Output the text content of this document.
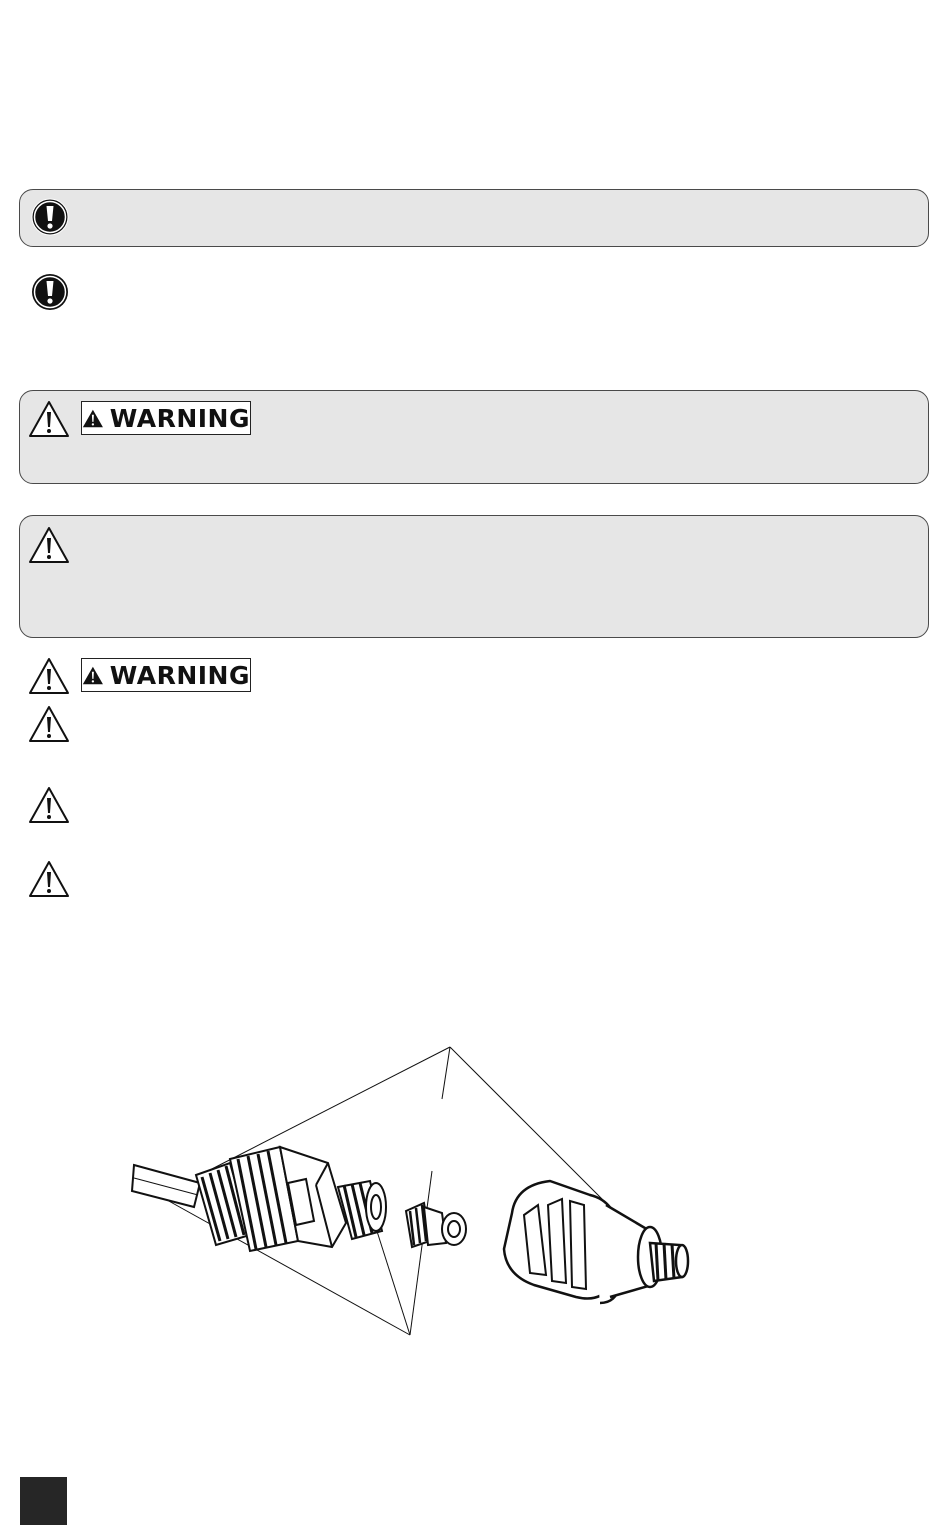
WARNING
WARNING
